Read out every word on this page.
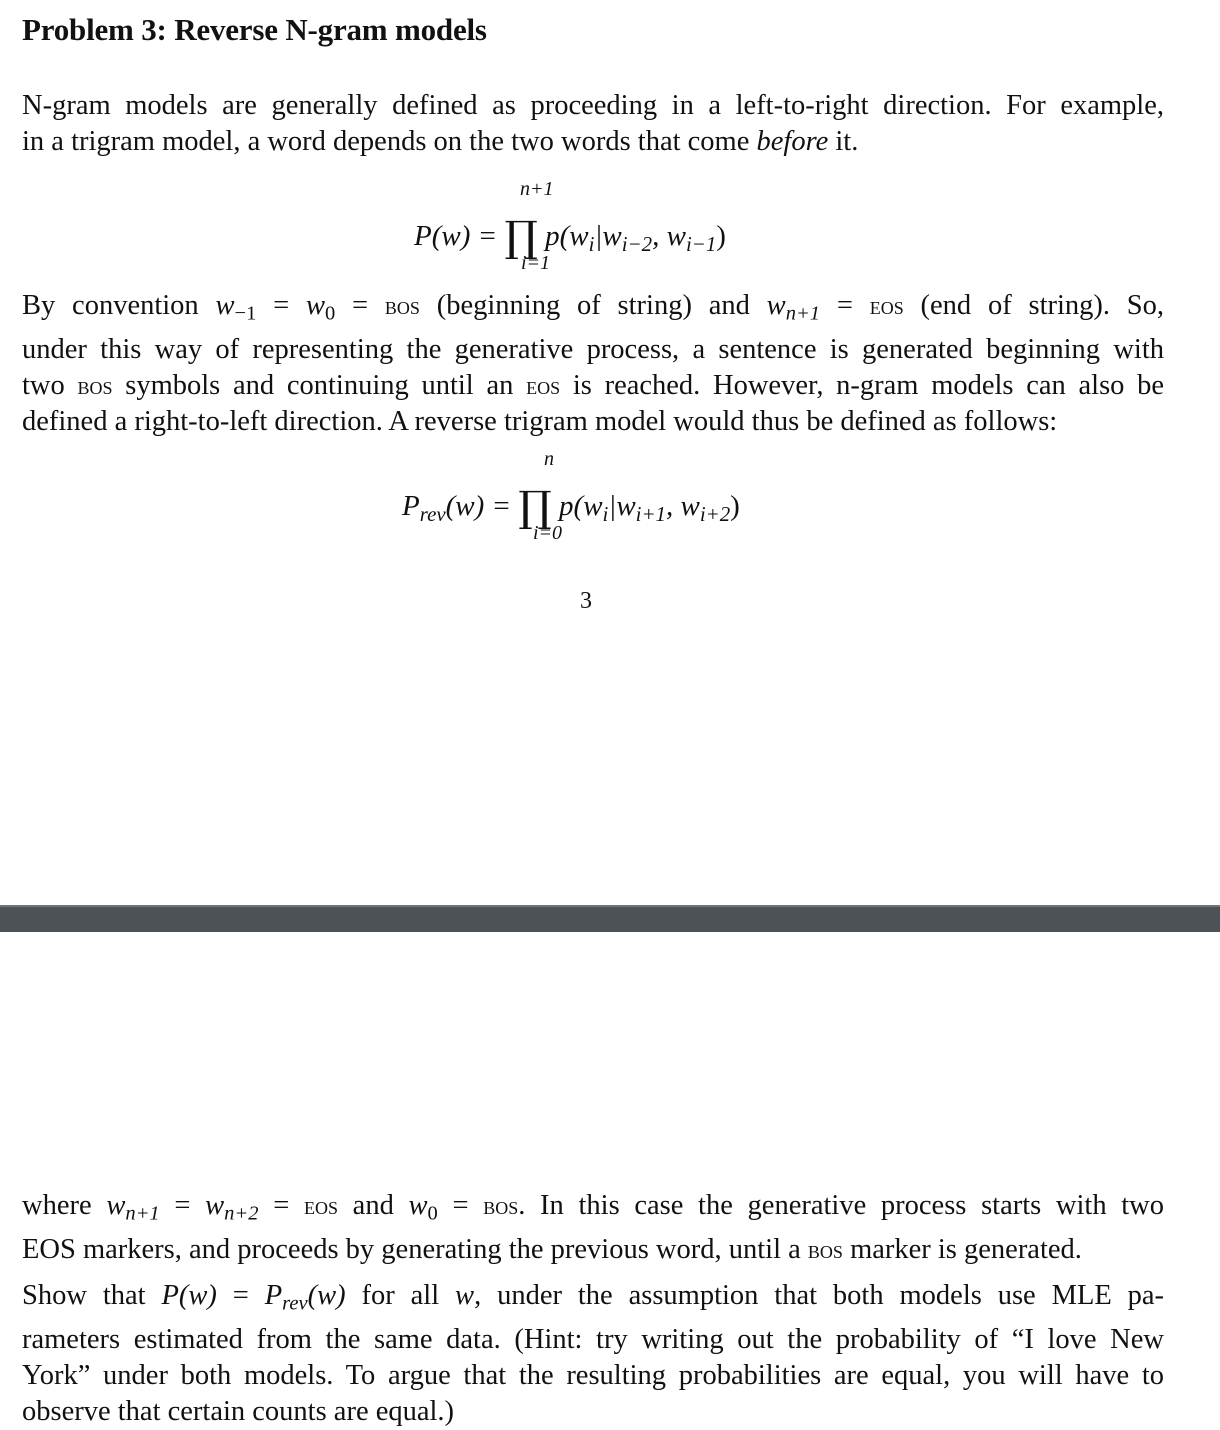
Problem 3: Reverse N-gram models
N-gram models are generally defined as proceeding in a left-to-right direction. For example,
in a trigram model, a word depends on the two words that come before it.
n+1
P(w) = ∏ $p(w_i|w_{i-2}$, $w_{i-1}$)
i=1
By convention $w_{-1} = w_0$ = bos (beginning of string) and $w_{n+1}$ = eos (end of string). So,
under this way of representing the generative process, a sentence is generated beginning with
two bos symbols and continuing until an eos is reached. However, n-gram models can also be
defined a right-to-left direction. A reverse trigram model would thus be defined as follows:
n
$P_{rev}(w)$ = ∏ $p(w_i|w_{i+1}$, $w_{i+2}$)
i=0
3
where $w_{n+1} = w_{n+2}$ = eos and $w_0$ = bos. In this case the generative process starts with two
EOS markers, and proceeds by generating the previous word, until a bos marker is generated.
Show that $P(w) = P_{rev}(w)$ for all w, under the assumption that both models use MLE pa-
rameters estimated from the same data. (Hint: try writing out the probability of “I love New
York” under both models. To argue that the resulting probabilities are equal, you will have to
observe that certain counts are equal.)
